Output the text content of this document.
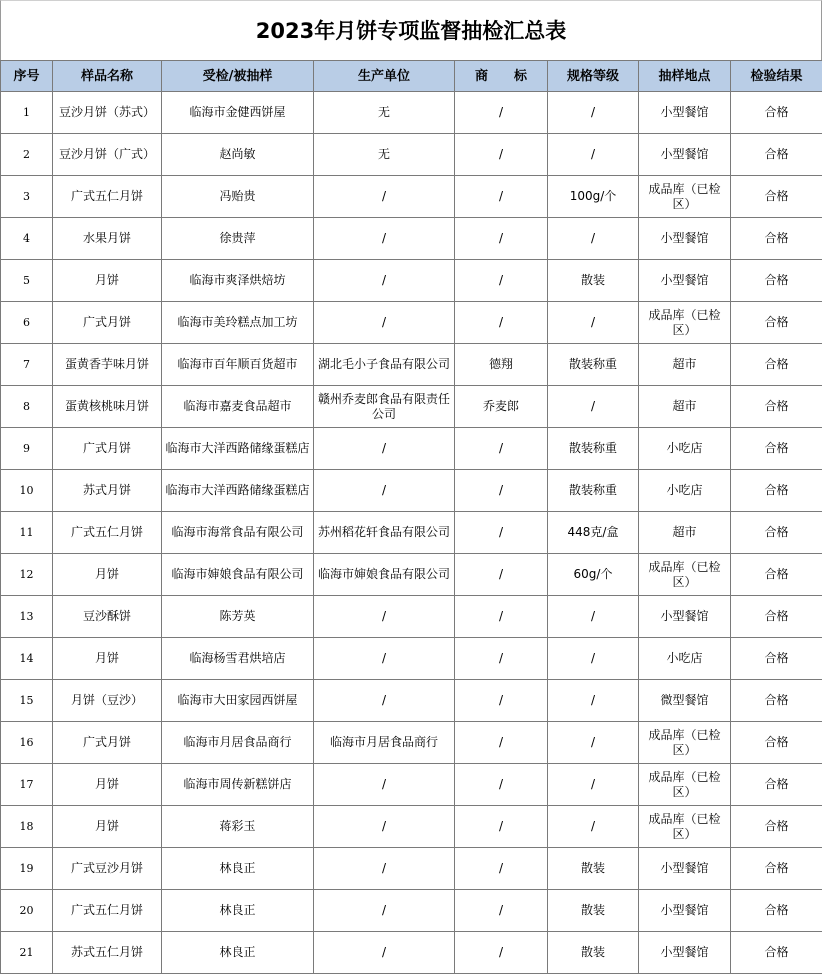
2023年月饼专项监督抽检汇总表
序号	样品名称	受检/被抽样	生产单位	商　　标	规格等级	抽样地点	检验结果
1	豆沙月饼（苏式）	临海市金健西饼屋	无	/	/	小型餐馆	合格
2	豆沙月饼（广式）	赵尚敏	无	/	/	小型餐馆	合格
3	广式五仁月饼	冯贻贵	/	/	100g/个	成品库（已检区）	合格
4	水果月饼	徐贵萍	/	/	/	小型餐馆	合格
5	月饼	临海市爽泽烘焙坊	/	/	散装	小型餐馆	合格
6	广式月饼	临海市美玲糕点加工坊	/	/	/	成品库（已检区）	合格
7	蛋黄香芋味月饼	临海市百年顺百货超市	湖北毛小子食品有限公司	德翔	散装称重	超市	合格
8	蛋黄核桃味月饼	临海市嘉麦食品超市	赣州乔麦郎食品有限责任公司	乔麦郎	/	超市	合格
9	广式月饼	临海市大洋西路储缘蛋糕店	/	/	散装称重	小吃店	合格
10	苏式月饼	临海市大洋西路储缘蛋糕店	/	/	散装称重	小吃店	合格
11	广式五仁月饼	临海市海常食品有限公司	苏州稻花轩食品有限公司	/	448克/盒	超市	合格
12	月饼	临海市婶娘食品有限公司	临海市婶娘食品有限公司	/	60g/个	成品库（已检区）	合格
13	豆沙酥饼	陈芳英	/	/	/	小型餐馆	合格
14	月饼	临海杨雪君烘培店	/	/	/	小吃店	合格
15	月饼（豆沙）	临海市大田家园西饼屋	/	/	/	微型餐馆	合格
16	广式月饼	临海市月居食品商行	临海市月居食品商行	/	/	成品库（已检区）	合格
17	月饼	临海市周传新糕饼店	/	/	/	成品库（已检区）	合格
18	月饼	蒋彩玉	/	/	/	成品库（已检区）	合格
19	广式豆沙月饼	林良正	/	/	散装	小型餐馆	合格
20	广式五仁月饼	林良正	/	/	散装	小型餐馆	合格
21	苏式五仁月饼	林良正	/	/	散装	小型餐馆	合格
